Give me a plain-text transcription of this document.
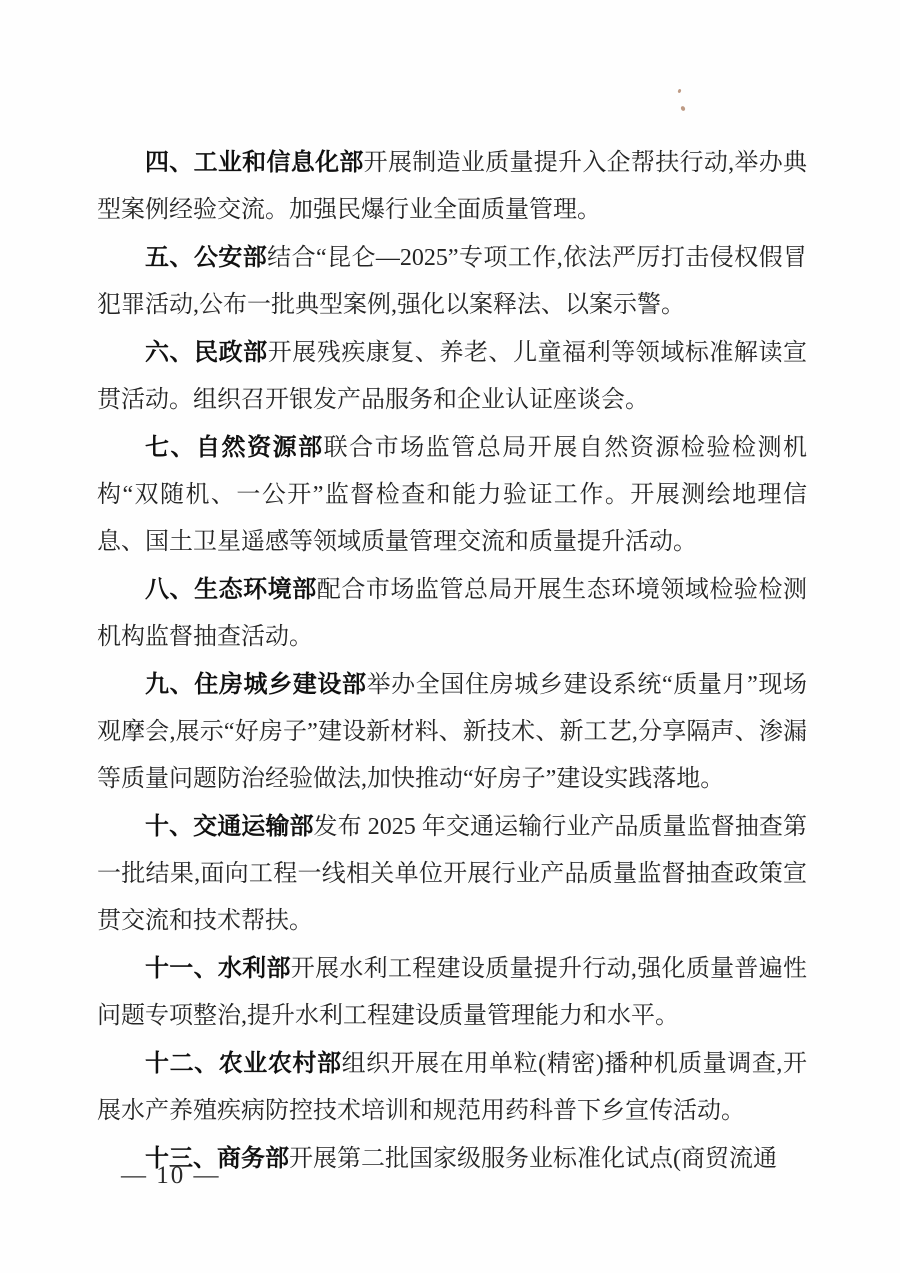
四、工业和信息化部开展制造业质量提升入企帮扶行动,举办典型案例经验交流。加强民爆行业全面质量管理。

五、公安部结合“昆仑—2025”专项工作,依法严厉打击侵权假冒犯罪活动,公布一批典型案例,强化以案释法、以案示警。

六、民政部开展残疾康复、养老、儿童福利等领域标准解读宣贯活动。组织召开银发产品服务和企业认证座谈会。

七、自然资源部联合市场监管总局开展自然资源检验检测机构“双随机、一公开”监督检查和能力验证工作。开展测绘地理信息、国土卫星遥感等领域质量管理交流和质量提升活动。

八、生态环境部配合市场监管总局开展生态环境领域检验检测机构监督抽查活动。

九、住房城乡建设部举办全国住房城乡建设系统“质量月”现场观摩会,展示“好房子”建设新材料、新技术、新工艺,分享隔声、渗漏等质量问题防治经验做法,加快推动“好房子”建设实践落地。

十、交通运输部发布 2025 年交通运输行业产品质量监督抽查第一批结果,面向工程一线相关单位开展行业产品质量监督抽查政策宣贯交流和技术帮扶。

十一、水利部开展水利工程建设质量提升行动,强化质量普遍性问题专项整治,提升水利工程建设质量管理能力和水平。

十二、农业农村部组织开展在用单粒(精密)播种机质量调查,开展水产养殖疾病防控技术培训和规范用药科普下乡宣传活动。

十三、商务部开展第二批国家级服务业标准化试点(商贸流通

— 10 —
